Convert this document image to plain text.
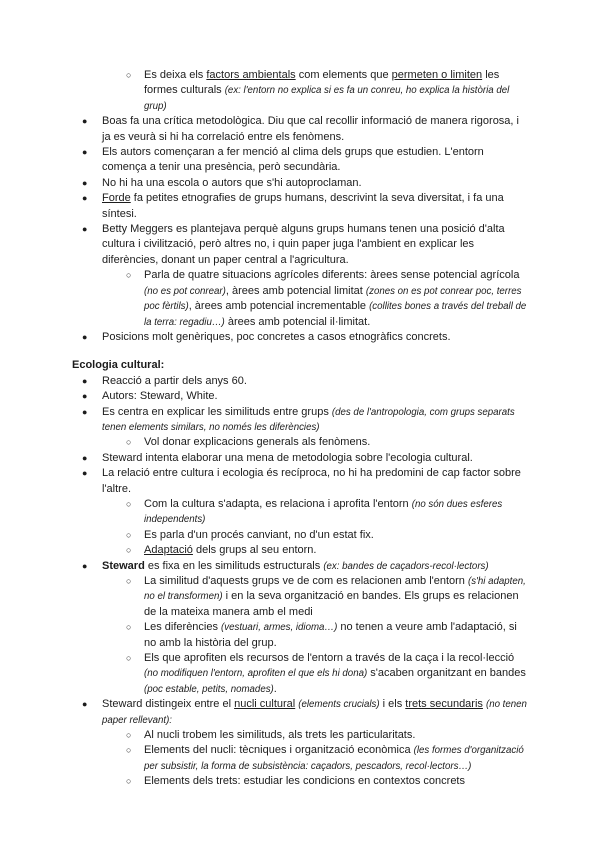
○	Es deixa els factors ambientals com elements que permeten o limiten les formes culturals (ex: l'entorn no explica si es fa un conreu, ho explica la història del grup)
●	Boas fa una crítica metodològica. Diu que cal recollir informació de manera rigorosa, i ja es veurà si hi ha correlació entre els fenòmens.
●	Els autors començaran a fer menció al clima dels grups que estudien. L'entorn comença a tenir una presència, però secundària.
●	No hi ha una escola o autors que s'hi autoproclaman.
●	Forde fa petites etnografies de grups humans, descrivint la seva diversitat, i fa una síntesi.
●	Betty Meggers es plantejava perquè alguns grups humans tenen una posició d'alta cultura i civilització, però altres no, i quin paper juga l'ambient en explicar les diferències, donant un paper central a l'agricultura.
○	Parla de quatre situacions agrícoles diferents: àrees sense potencial agrícola (no es pot conrear), àrees amb potencial limitat (zones on es pot conrear poc, terres poc fèrtils), àrees amb potencial incrementable (collites bones a través del treball de la terra: regadiu…) àrees amb potencial il·limitat.
●	Posicions molt genèriques, poc concretes a casos etnogràfics concrets.
Ecologia cultural:
●	Reacció a partir dels anys 60.
●	Autors: Steward, White.
●	Es centra en explicar les similituds entre grups (des de l'antropologia, com grups separats tenen elements similars, no només les diferències)
○	Vol donar explicacions generals als fenòmens.
●	Steward intenta elaborar una mena de metodologia sobre l'ecologia cultural.
●	La relació entre cultura i ecologia és recíproca, no hi ha predomini de cap factor sobre l'altre.
○	Com la cultura s'adapta, es relaciona i aprofita l'entorn (no són dues esferes independents)
○	Es parla d'un procés canviant, no d'un estat fix.
○	Adaptació dels grups al seu entorn.
●	Steward es fixa en les similituds estructurals (ex: bandes de caçadors-recol·lectors)
○	La similitud d'aquests grups ve de com es relacionen amb l'entorn (s'hi adapten, no el transformen) i en la seva organització en bandes. Els grups es relacionen de la mateixa manera amb el medi
○	Les diferències (vestuari, armes, idioma…) no tenen a veure amb l'adaptació, si no amb la història del grup.
○	Els que aprofiten els recursos de l'entorn a través de la caça i la recol·lecció (no modifiquen l'entorn, aprofiten el que els hi dona) s'acaben organitzant en bandes (poc estable, petits, nomades).
●	Steward distingeix entre el nucli cultural (elements crucials) i els trets secundaris (no tenen paper rellevant):
○	Al nucli trobem les similituds, als trets les particularitats.
○	Elements del nucli: tècniques i organització econòmica (les formes d'organització per subsistir, la forma de subsistència: caçadors, pescadors, recol·lectors…)
○	Elements dels trets: estudiar les condicions en contextos concrets
